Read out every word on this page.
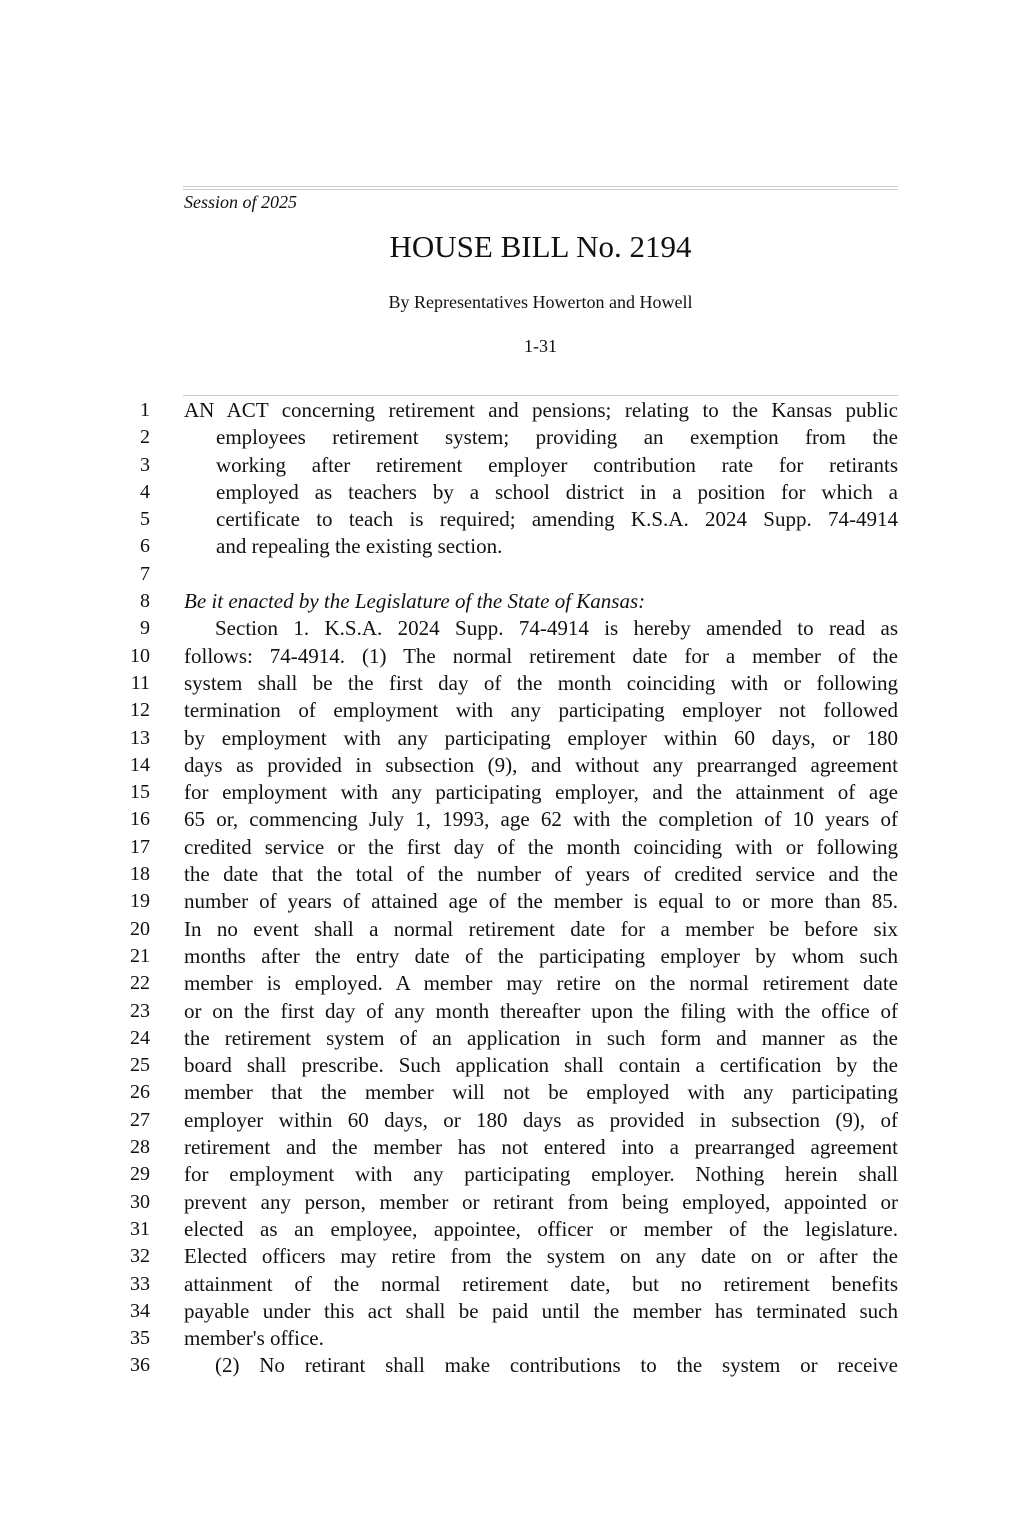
Session of 2025
HOUSE BILL No. 2194
By Representatives Howerton and Howell
1-31
1 AN ACT concerning retirement and pensions; relating to the Kansas public
2	employees retirement system; providing an exemption from the
3	working after retirement employer contribution rate for retirants
4	employed as teachers by a school district in a position for which a
5	certificate to teach is required; amending K.S.A. 2024 Supp. 74-4914
6	and repealing the existing section.
7
8 Be it enacted by the Legislature of the State of Kansas:
9	Section 1. K.S.A. 2024 Supp. 74-4914 is hereby amended to read as
10 follows: 74-4914. (1) The normal retirement date for a member of the
11 system shall be the first day of the month coinciding with or following
12 termination of employment with any participating employer not followed
13 by employment with any participating employer within 60 days, or 180
14 days as provided in subsection (9), and without any prearranged agreement
15 for employment with any participating employer, and the attainment of age
16 65 or, commencing July 1, 1993, age 62 with the completion of 10 years of
17 credited service or the first day of the month coinciding with or following
18 the date that the total of the number of years of credited service and the
19 number of years of attained age of the member is equal to or more than 85.
20 In no event shall a normal retirement date for a member be before six
21 months after the entry date of the participating employer by whom such
22 member is employed. A member may retire on the normal retirement date
23 or on the first day of any month thereafter upon the filing with the office of
24 the retirement system of an application in such form and manner as the
25 board shall prescribe. Such application shall contain a certification by the
26 member that the member will not be employed with any participating
27 employer within 60 days, or 180 days as provided in subsection (9), of
28 retirement and the member has not entered into a prearranged agreement
29 for employment with any participating employer. Nothing herein shall
30 prevent any person, member or retirant from being employed, appointed or
31 elected as an employee, appointee, officer or member of the legislature.
32 Elected officers may retire from the system on any date on or after the
33 attainment of the normal retirement date, but no retirement benefits
34 payable under this act shall be paid until the member has terminated such
35 member's office.
36	(2) No retirant shall make contributions to the system or receive
